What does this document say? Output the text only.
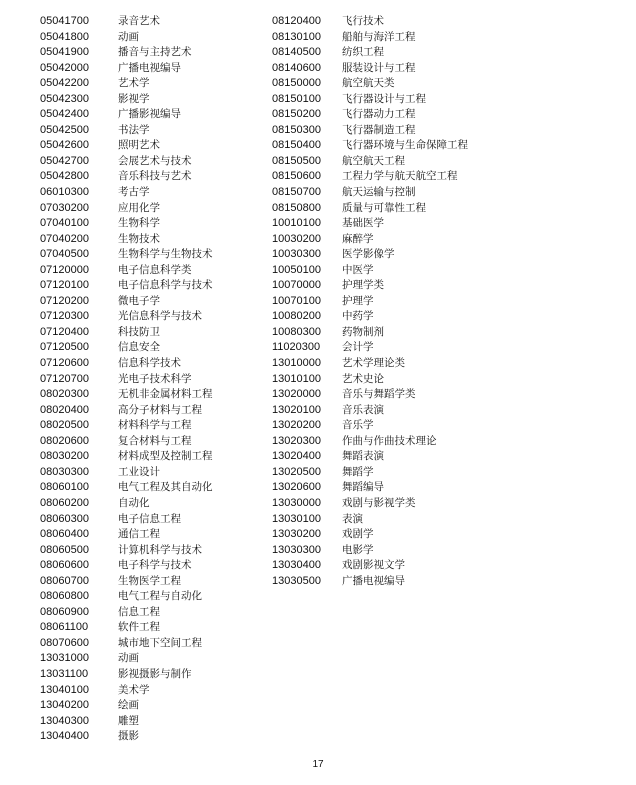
05041700	录音艺术
05041800	动画
05041900	播音与主持艺术
05042000	广播电视编导
05042200	艺术学
05042300	影视学
05042400	广播影视编导
05042500	书法学
05042600	照明艺术
05042700	会展艺术与技术
05042800	音乐科技与艺术
06010300	考古学
07030200	应用化学
07040100	生物科学
07040200	生物技术
07040500	生物科学与生物技术
07120000	电子信息科学类
07120100	电子信息科学与技术
07120200	微电子学
07120300	光信息科学与技术
07120400	科技防卫
07120500	信息安全
07120600	信息科学技术
07120700	光电子技术科学
08020300	无机非金属材料工程
08020400	高分子材料与工程
08020500	材料科学与工程
08020600	复合材料与工程
08030200	材料成型及控制工程
08030300	工业设计
08060100	电气工程及其自动化
08060200	自动化
08060300	电子信息工程
08060400	通信工程
08060500	计算机科学与技术
08060600	电子科学与技术
08060700	生物医学工程
08060800	电气工程与自动化
08060900	信息工程
08061100	软件工程
08070600	城市地下空间工程
13031000	动画
13031100	影视摄影与制作
13040100	美术学
13040200	绘画
13040300	雕塑
13040400	摄影
08120400	飞行技术
08130100	船舶与海洋工程
08140500	纺织工程
08140600	服装设计与工程
08150000	航空航天类
08150100	飞行器设计与工程
08150200	飞行器动力工程
08150300	飞行器制造工程
08150400	飞行器环境与生命保障工程
08150500	航空航天工程
08150600	工程力学与航天航空工程
08150700	航天运输与控制
08150800	质量与可靠性工程
10010100	基础医学
10030200	麻醉学
10030300	医学影像学
10050100	中医学
10070000	护理学类
10070100	护理学
10080200	中药学
10080300	药物制剂
11020300	会计学
13010000	艺术学理论类
13010100	艺术史论
13020000	音乐与舞蹈学类
13020100	音乐表演
13020200	音乐学
13020300	作曲与作曲技术理论
13020400	舞蹈表演
13020500	舞蹈学
13020600	舞蹈编导
13030000	戏剧与影视学类
13030100	表演
13030200	戏剧学
13030300	电影学
13030400	戏剧影视文学
13030500	广播电视编导
17
